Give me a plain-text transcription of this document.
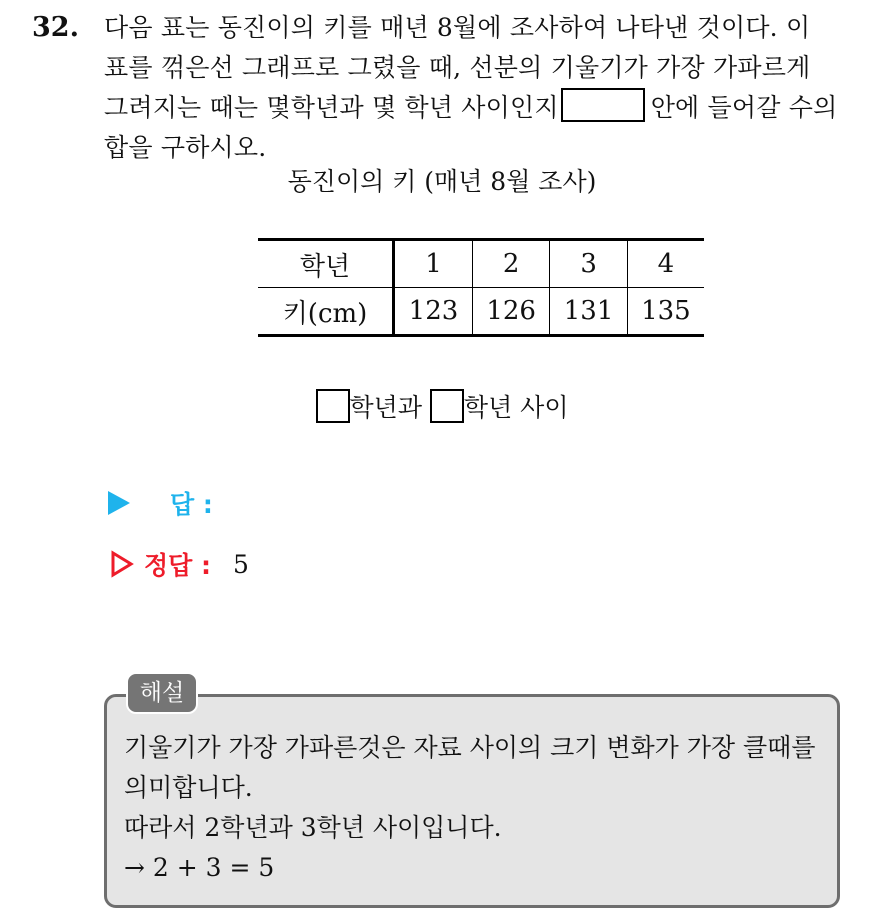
32. 다음 표는 동진이의 키를 매년 8월에 조사하여 나타낸 것이다. 이
표를 꺾은선 그래프로 그렸을 때, 선분의 기울기가 가장 가파르게
그려지는 때는 몇학년과 몇 학년 사이인지	안에 들어갈 수의
합을 구하시오.
동진이의 키 (매년 8월 조사)
학년	1	2	3	4
키(cm)	123	126	131	135
학년과 학년 사이
답 :
정답 : 5
해설
기울기가 가장 가파른것은 자료 사이의 크기 변화가 가장 클때를
의미합니다.
따라서 2학년과 3학년 사이입니다.
→ 2 + 3 = 5
